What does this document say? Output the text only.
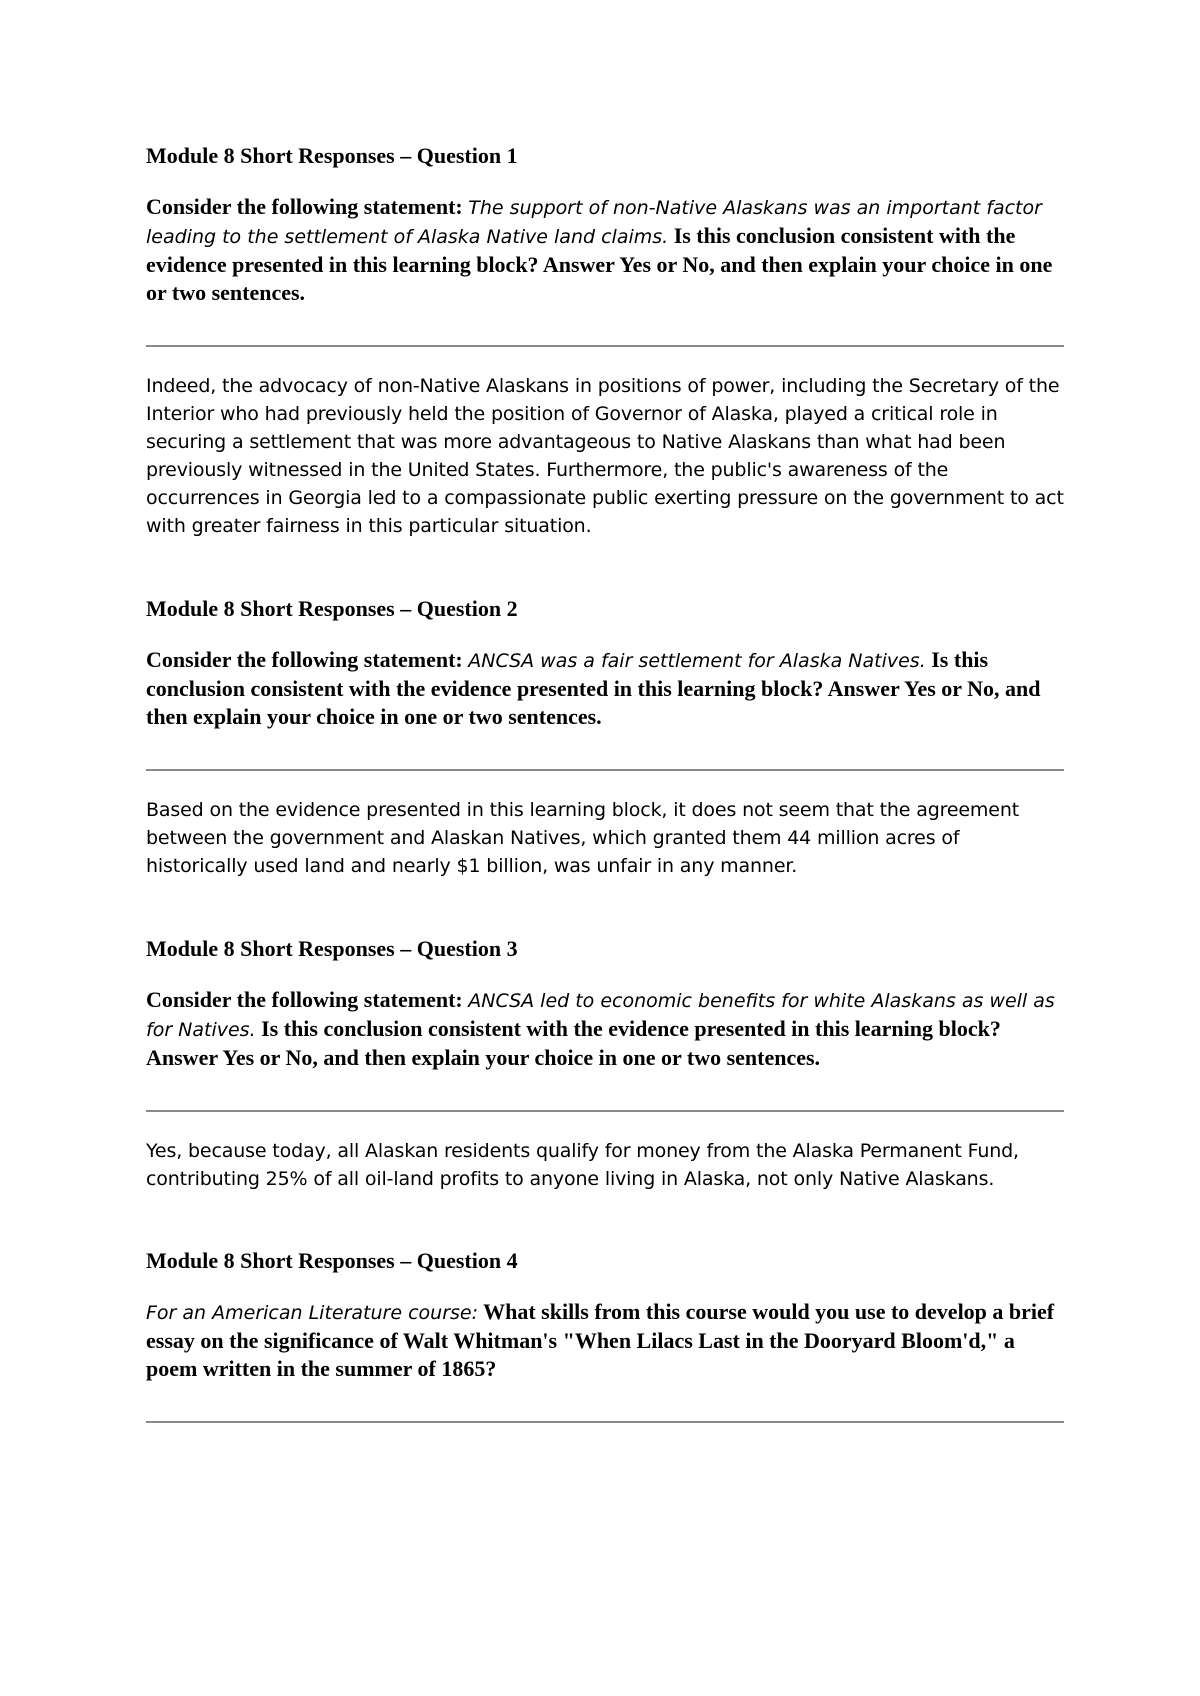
Module 8 Short Responses – Question 1

Consider the following statement: The support of non-Native Alaskans was an important factor leading to the settlement of Alaska Native land claims. Is this conclusion consistent with the evidence presented in this learning block? Answer Yes or No, and then explain your choice in one or two sentences.

Indeed, the advocacy of non-Native Alaskans in positions of power, including the Secretary of the Interior who had previously held the position of Governor of Alaska, played a critical role in securing a settlement that was more advantageous to Native Alaskans than what had been previously witnessed in the United States. Furthermore, the public's awareness of the occurrences in Georgia led to a compassionate public exerting pressure on the government to act with greater fairness in this particular situation.

Module 8 Short Responses – Question 2

Consider the following statement: ANCSA was a fair settlement for Alaska Natives. Is this conclusion consistent with the evidence presented in this learning block? Answer Yes or No, and then explain your choice in one or two sentences.

Based on the evidence presented in this learning block, it does not seem that the agreement between the government and Alaskan Natives, which granted them 44 million acres of historically used land and nearly $1 billion, was unfair in any manner.

Module 8 Short Responses – Question 3

Consider the following statement: ANCSA led to economic benefits for white Alaskans as well as for Natives. Is this conclusion consistent with the evidence presented in this learning block? Answer Yes or No, and then explain your choice in one or two sentences.

Yes, because today, all Alaskan residents qualify for money from the Alaska Permanent Fund, contributing 25% of all oil-land profits to anyone living in Alaska, not only Native Alaskans.

Module 8 Short Responses – Question 4

For an American Literature course: What skills from this course would you use to develop a brief essay on the significance of Walt Whitman's "When Lilacs Last in the Dooryard Bloom'd," a poem written in the summer of 1865?
